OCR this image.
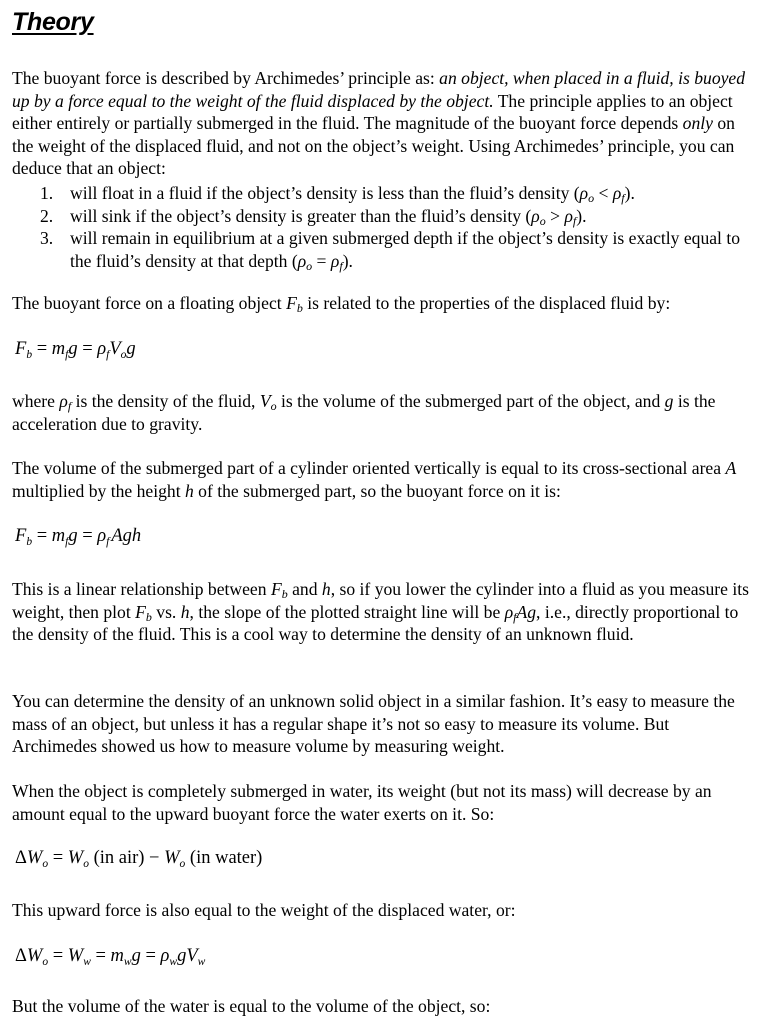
Theory

The buoyant force is described by Archimedes’ principle as: an object, when placed in a fluid, is buoyed up by a force equal to the weight of the fluid displaced by the object. The principle applies to an object either entirely or partially submerged in the fluid. The magnitude of the buoyant force depends only on the weight of the displaced fluid, and not on the object’s weight. Using Archimedes’ principle, you can deduce that an object:

1. will float in a fluid if the object’s density is less than the fluid’s density (ρo < ρf).
2. will sink if the object’s density is greater than the fluid’s density (ρo > ρf).
3. will remain in equilibrium at a given submerged depth if the object’s density is exactly equal to the fluid’s density at that depth (ρo = ρf).

The buoyant force on a floating object Fb is related to the properties of the displaced fluid by:

$F_b = m_fg = \rho_fV_og$

where ρf is the density of the fluid, Vo is the volume of the submerged part of the object, and g is the acceleration due to gravity.

The volume of the submerged part of a cylinder oriented vertically is equal to its cross-sectional area A multiplied by the height h of the submerged part, so the buoyant force on it is:

$F_b = m_fg = \rho_f$ Agh

This is a linear relationship between Fb and h, so if you lower the cylinder into a fluid as you measure its weight, then plot Fb vs. h, the slope of the plotted straight line will be ρfAg, i.e., directly proportional to the density of the fluid. This is a cool way to determine the density of an unknown fluid.

You can determine the density of an unknown solid object in a similar fashion. It’s easy to measure the mass of an object, but unless it has a regular shape it’s not so easy to measure its volume. But Archimedes showed us how to measure volume by measuring weight.

When the object is completely submerged in water, its weight (but not its mass) will decrease by an amount equal to the upward buoyant force the water exerts on it. So:

$\Delta W_o = W_o$ (in $air) - W_o$ (in water)

This upward force is also equal to the weight of the displaced water, or:

$\Delta W_o = W_w = m_wg = \rho_wgV_w$

But the volume of the water is equal to the volume of the object, so:
